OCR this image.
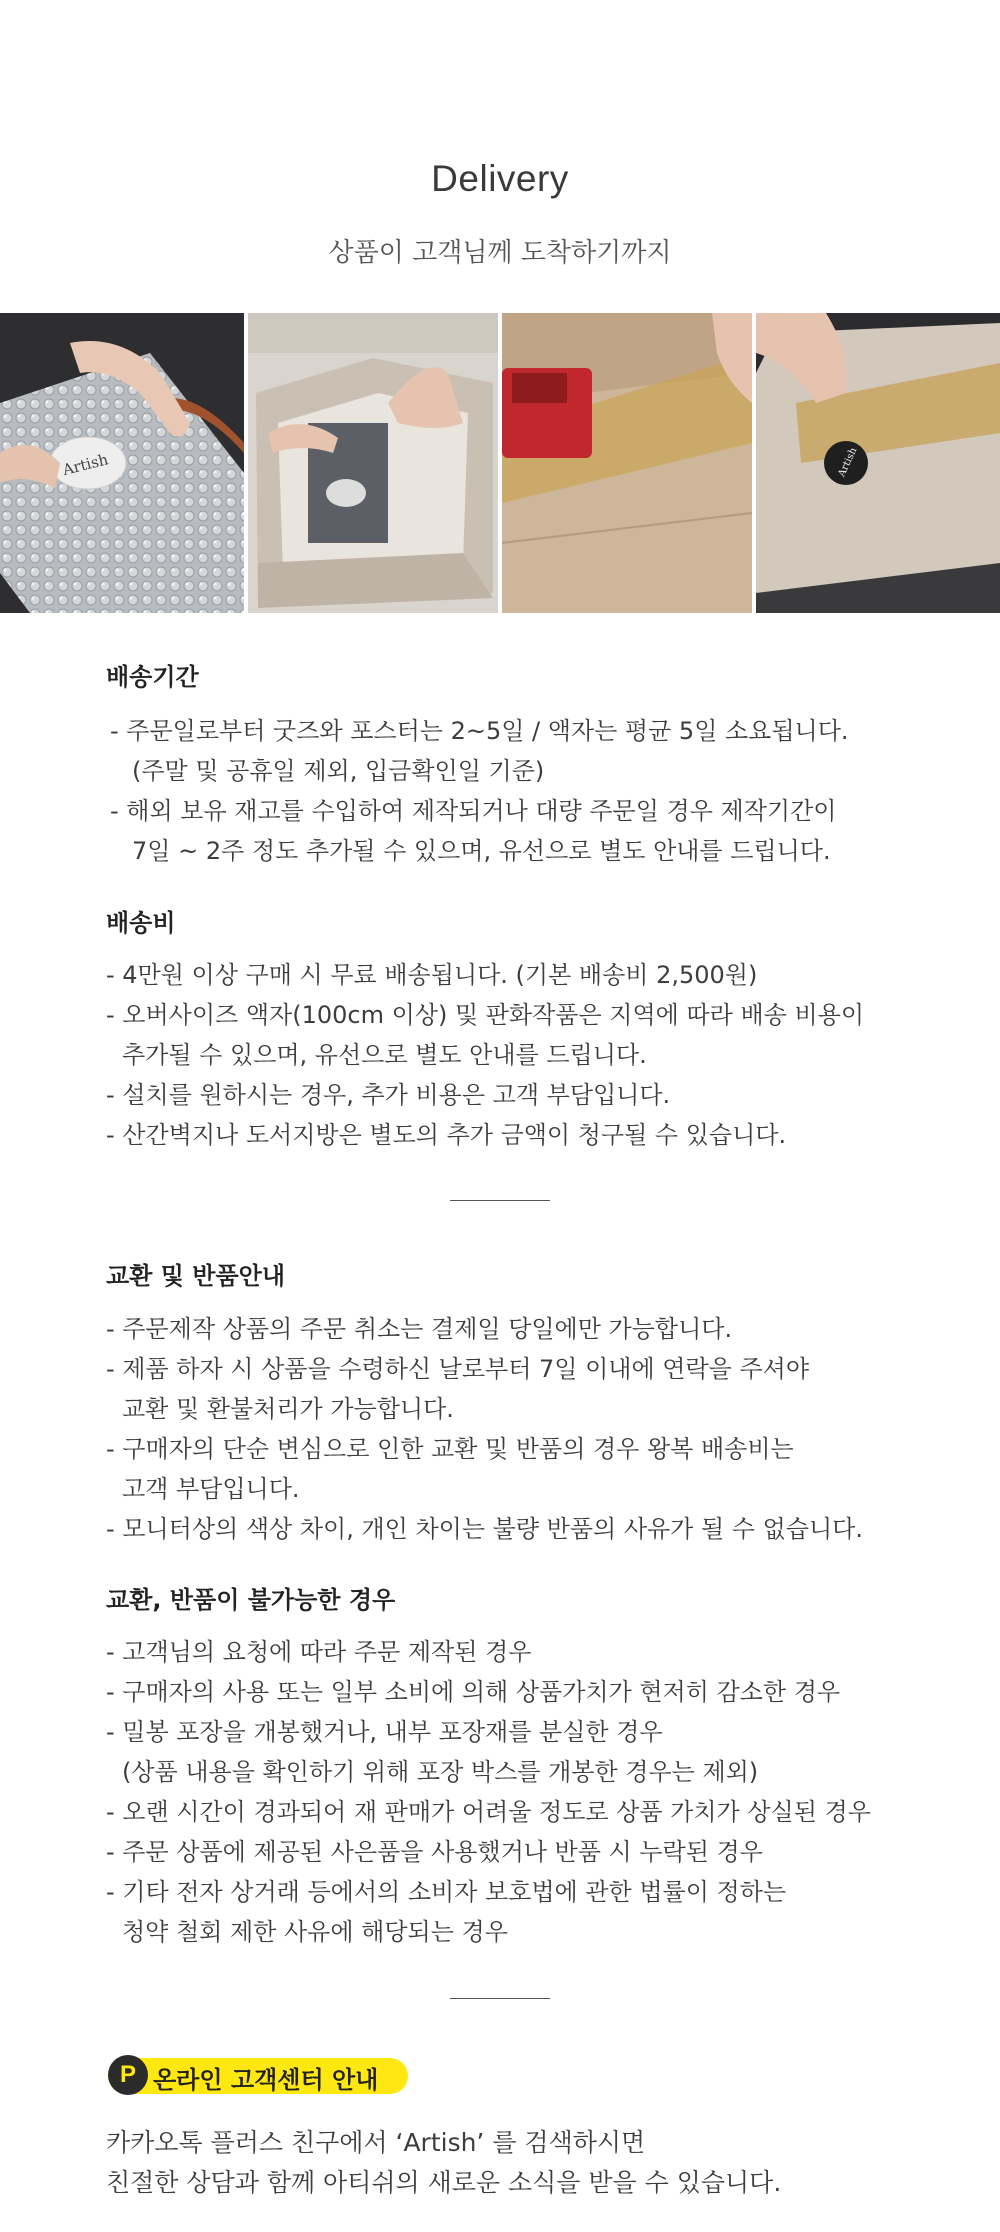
Delivery
상품이 고객님께 도착하기까지
Artish	Artish
배송기간
- 주문일로부터 굿즈와 포스터는 2~5일 / 액자는 평균 5일 소요됩니다.
(주말 및 공휴일 제외, 입금확인일 기준)
- 해외 보유 재고를 수입하여 제작되거나 대량 주문일 경우 제작기간이
7일 ~ 2주 정도 추가될 수 있으며, 유선으로 별도 안내를 드립니다.
배송비
- 4만원 이상 구매 시 무료 배송됩니다. (기본 배송비 2,500원)
- 오버사이즈 액자(100cm 이상) 및 판화작품은 지역에 따라 배송 비용이
추가될 수 있으며, 유선으로 별도 안내를 드립니다.
- 설치를 원하시는 경우, 추가 비용은 고객 부담입니다.
- 산간벽지나 도서지방은 별도의 추가 금액이 청구될 수 있습니다.
교환 및 반품안내
- 주문제작 상품의 주문 취소는 결제일 당일에만 가능합니다.
- 제품 하자 시 상품을 수령하신 날로부터 7일 이내에 연락을 주셔야
교환 및 환불처리가 가능합니다.
- 구매자의 단순 변심으로 인한 교환 및 반품의 경우 왕복 배송비는
고객 부담입니다.
- 모니터상의 색상 차이, 개인 차이는 불량 반품의 사유가 될 수 없습니다.
교환, 반품이 불가능한 경우
- 고객님의 요청에 따라 주문 제작된 경우
- 구매자의 사용 또는 일부 소비에 의해 상품가치가 현저히 감소한 경우
- 밀봉 포장을 개봉했거나, 내부 포장재를 분실한 경우
(상품 내용을 확인하기 위해 포장 박스를 개봉한 경우는 제외)
- 오랜 시간이 경과되어 재 판매가 어려울 정도로 상품 가치가 상실된 경우
- 주문 상품에 제공된 사은품을 사용했거나 반품 시 누락된 경우
- 기타 전자 상거래 등에서의 소비자 보호법에 관한 법률이 정하는
청약 철회 제한 사유에 해당되는 경우
P 온라인 고객센터 안내
카카오톡 플러스 친구에서 ‘Artish’ 를 검색하시면
친절한 상담과 함께 아티쉬의 새로운 소식을 받을 수 있습니다.
